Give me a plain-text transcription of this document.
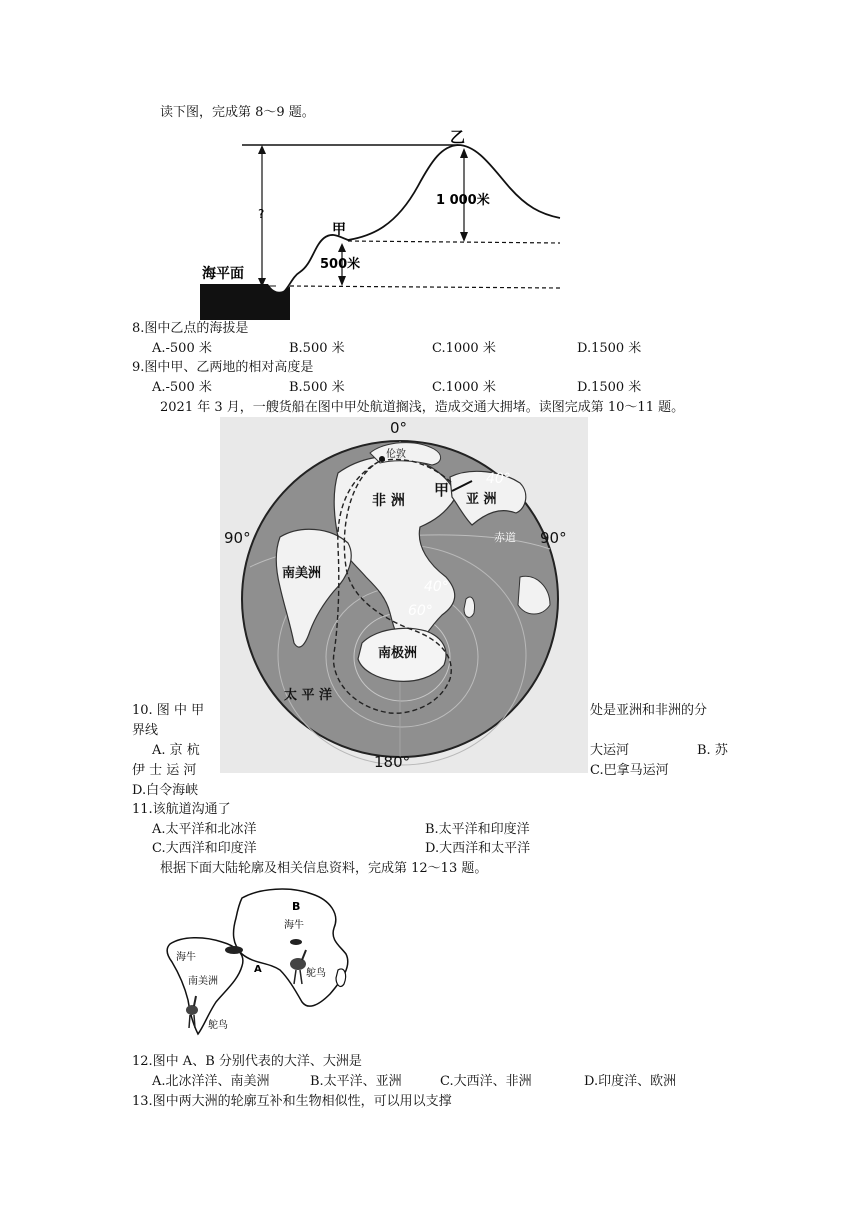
读下图，完成第 8～9 题。
乙
甲
?
1 000米
500米
海平面
8.图中乙点的海拔是
A.-500 米	B.500 米	C.1000 米	D.1500 米
9.图中甲、乙两地的相对高度是
A.-500 米	B.500 米	C.1000 米	D.1500 米
2021 年 3 月，一艘货船在图中甲处航道搁浅，造成交通大拥堵。读图完成第 10～11 题。
0°
90°	90°
180°
40°
40°
60°
赤道
伦敦
甲
非 洲	亚 洲
南美洲
南极洲
太 平 洋
10. 图 中 甲	处是亚洲和非洲的分
界线
A. 京 杭	大运河	B. 苏
伊 士 运 河	C.巴拿马运河
D.白令海峡
11.该航道沟通了
A.太平洋和北冰洋	B.太平洋和印度洋
C.大西洋和印度洋	D.大西洋和太平洋
根据下面大陆轮廓及相关信息资料，完成第 12～13 题。
B
A
海牛
海牛
鸵鸟
鸵鸟
南美洲
12.图中 A、B 分别代表的大洋、大洲是
A.北冰洋洋、南美洲	B.太平洋、亚洲	C.大西洋、非洲	D.印度洋、欧洲
13.图中两大洲的轮廓互补和生物相似性，可以用以支撑
